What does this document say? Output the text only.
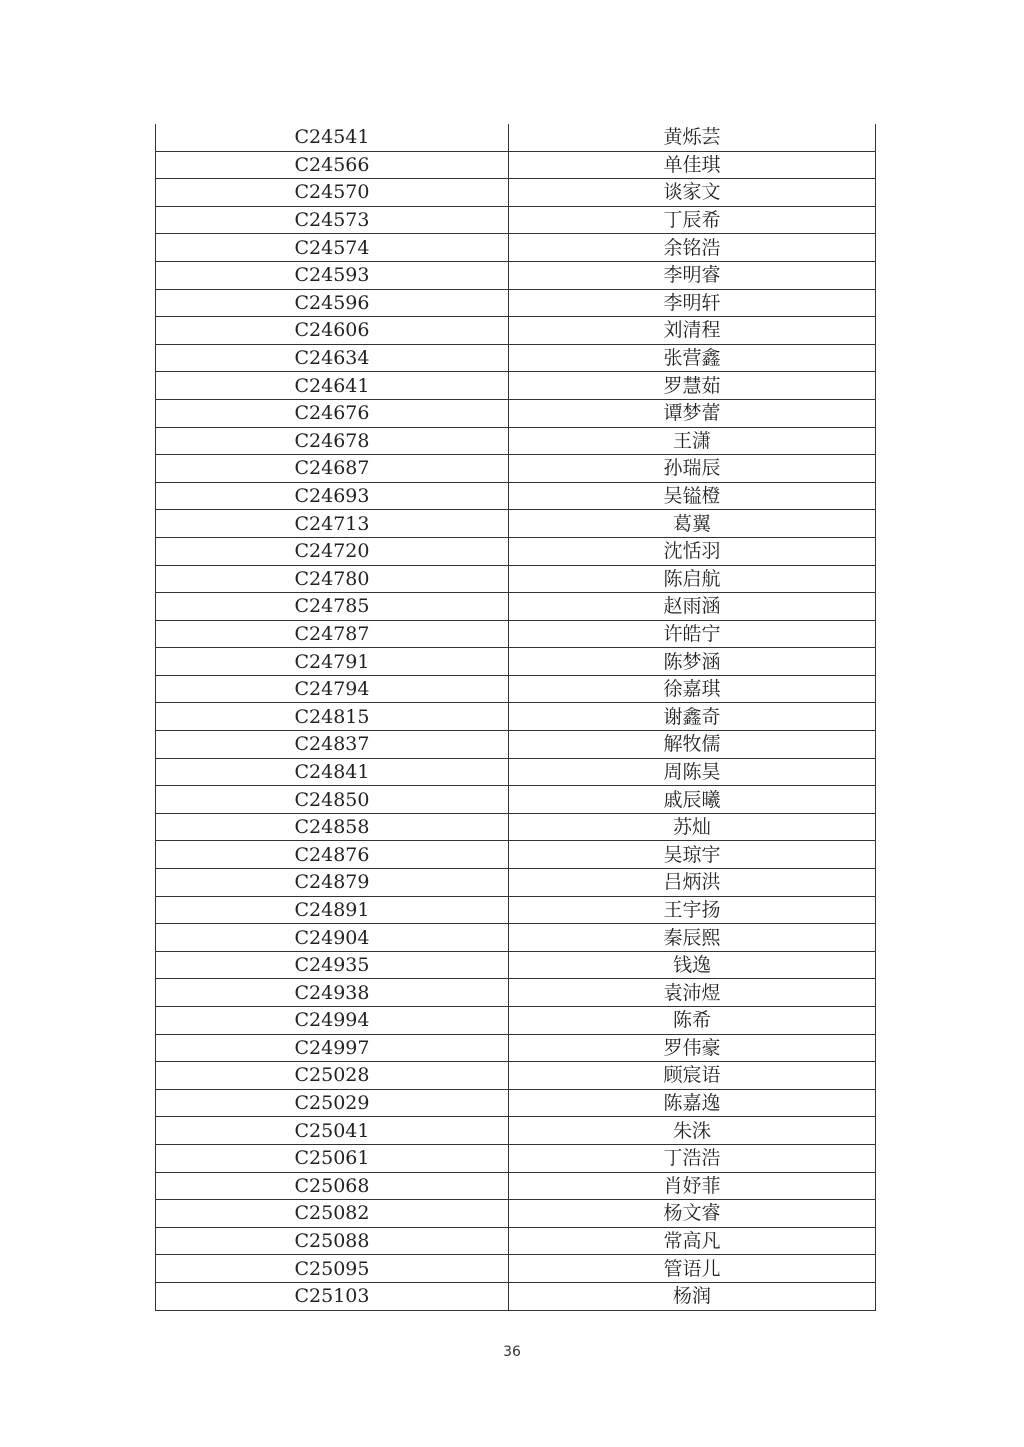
C24541	黄烁芸
C24566	单佳琪
C24570	谈家文
C24573	丁辰希
C24574	余铭浩
C24593	李明睿
C24596	李明轩
C24606	刘清程
C24634	张营鑫
C24641	罗慧茹
C24676	谭梦蕾
C24678	王潇
C24687	孙瑞辰
C24693	吴镒橙
C24713	葛翼
C24720	沈恬羽
C24780	陈启航
C24785	赵雨涵
C24787	许皓宁
C24791	陈梦涵
C24794	徐嘉琪
C24815	谢鑫奇
C24837	解牧儒
C24841	周陈昊
C24850	戚辰曦
C24858	苏灿
C24876	吴琼宇
C24879	吕炳洪
C24891	王宇扬
C24904	秦辰熙
C24935	钱逸
C24938	袁沛煜
C24994	陈希
C24997	罗伟豪
C25028	顾宸语
C25029	陈嘉逸
C25041	朱洙
C25061	丁浩浩
C25068	肖妤菲
C25082	杨文睿
C25088	常高凡
C25095	管语儿
C25103	杨润
36
